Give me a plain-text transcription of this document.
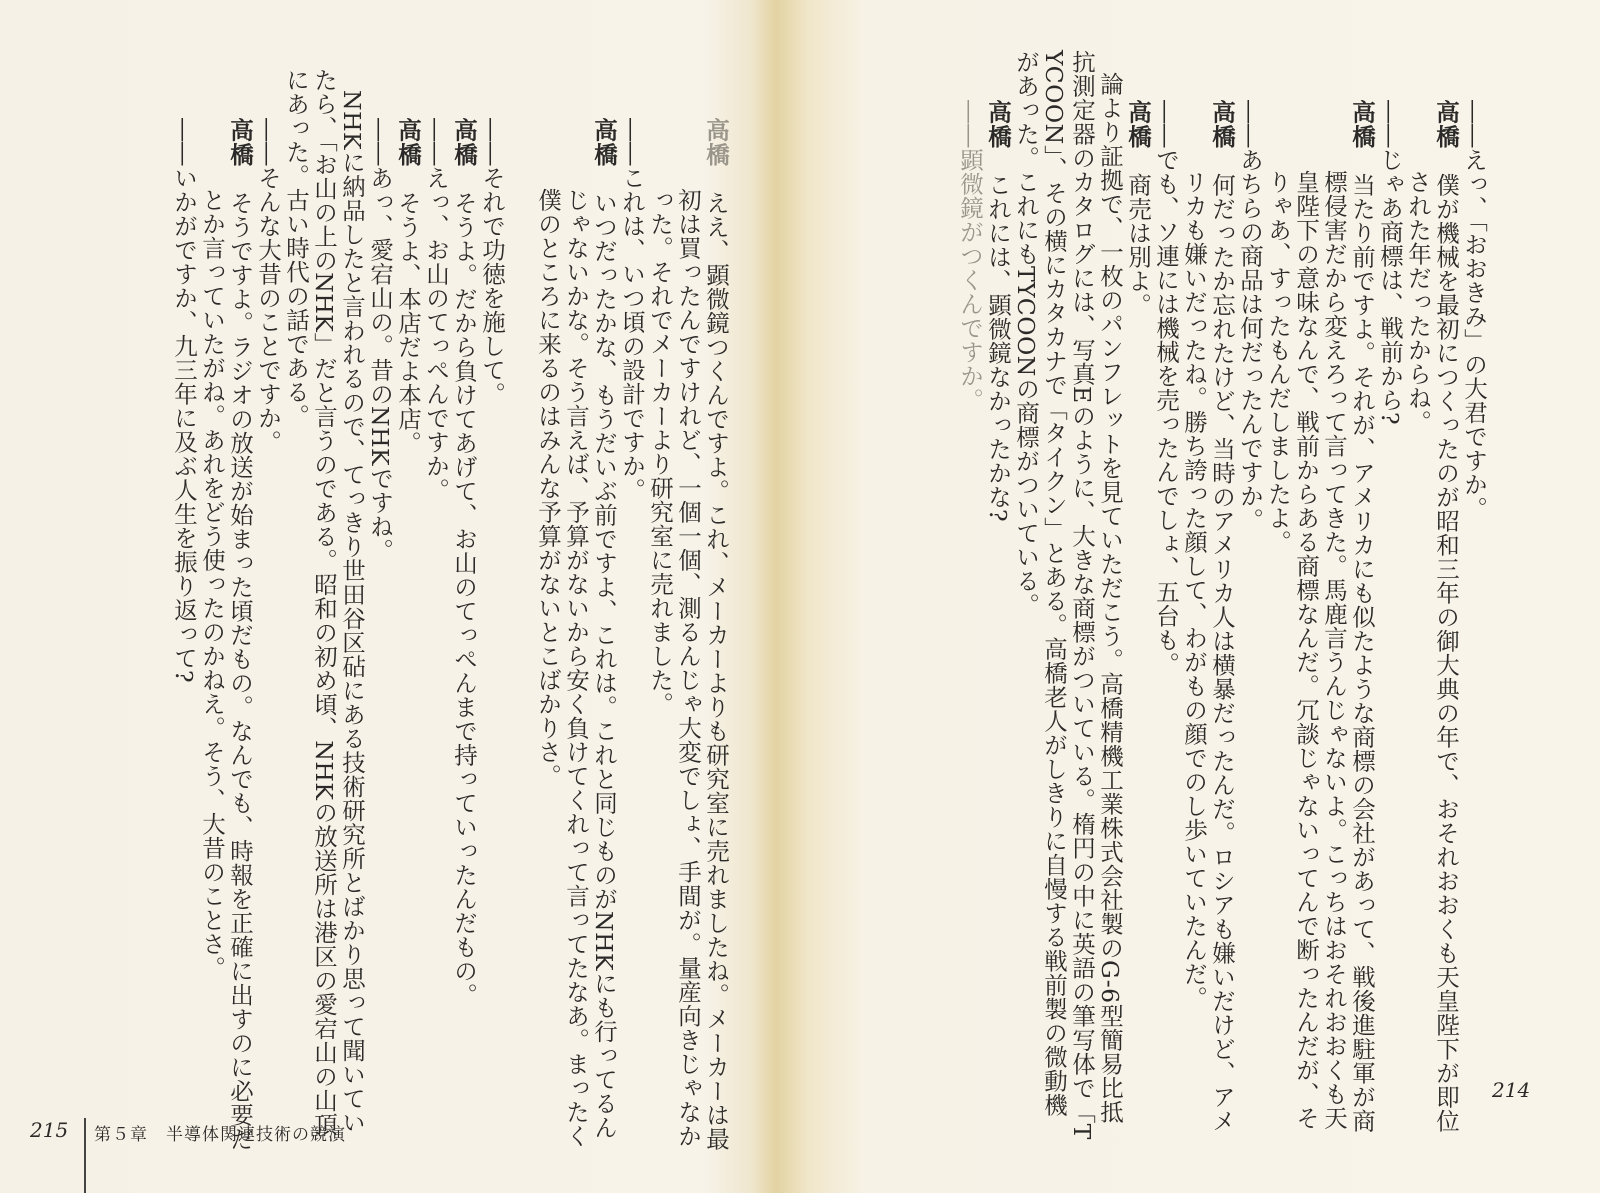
――えっ、「おおきみ」の大君ですか。
高橋　僕が機械を最初につくったのが昭和三年の御大典の年で、おそれおおくも天皇陛下が即位
された年だったからね。
――じゃあ商標は、戦前から?
高橋　当たり前ですよ。それが、アメリカにも似たような商標の会社があって、戦後進駐軍が商
標侵害だから変えろって言ってきた。馬鹿言うんじゃないよ。こっちはおそれおおくも天
皇陛下の意味なんで、戦前からある商標なんだ。冗談じゃないってんで断ったんだが、そ
りゃあ、すったもんだしましたよ。
――あちらの商品は何だったんですか。
高橋　何だったか忘れたけど、当時のアメリカ人は横暴だったんだ。ロシアも嫌いだけど、アメ
リカも嫌いだったね。勝ち誇った顔して、わがもの顔でのし歩いていたんだ。
――でも、ソ連には機械を売ったんでしょ、五台も。
高橋　商売は別よ。
論より証拠で、一枚のパンフレットを見ていただこう。高橋精機工業株式会社製のG-6型簡易比抵
抗測定器のカタログには、写真Eのように、大きな商標がついている。楕円の中に英語の筆写体で「T
YCOON」、その横にカタカナで「タイクン」とある。高橋老人がしきりに自慢する戦前製の微動機
があった。これにもTYCOONの商標がついている。
高橋　これには、顕微鏡なかったかな?
――顕微鏡がつくんですか。
214
高橋　ええ、顕微鏡つくんですよ。これ、メーカーよりも研究室に売れましたね。メーカーは最
初は買ったんですけれど、一個一個、測るんじゃ大変でしょ、手間が。量産向きじゃなか
った。それでメーカーより研究室に売れました。
――これは、いつ頃の設計ですか。
高橋　いつだったかな、もうだいぶ前ですよ、これは。これと同じものがNHKにも行ってるん
じゃないかな。そう言えば、予算がないから安く負けてくれって言ってたなあ。まったく
僕のところに来るのはみんな予算がないとこばかりさ。
――それで功徳を施して。
高橋　そうよ。だから負けてあげて、お山のてっぺんまで持っていったんだもの。
――えっ、お山のてっぺんですか。
高橋　そうよ、本店だよ本店。
――あっ、愛宕山の。昔のNHKですね。
NHKに納品したと言われるので、てっきり世田谷区砧にある技術研究所とばかり思って聞いてい
たら、「お山の上のNHK」だと言うのである。昭和の初め頃、NHKの放送所は港区の愛宕山の山頂
にあった。古い時代の話である。
――そんな大昔のことですか。
高橋　そうですよ。ラジオの放送が始まった頃だもの。なんでも、時報を正確に出すのに必要だ
とか言っていたがね。あれをどう使ったのかねえ。そう、大昔のことさ。
――いかがですか、九三年に及ぶ人生を振り返って?
215 第５章　半導体関連技術の競演
